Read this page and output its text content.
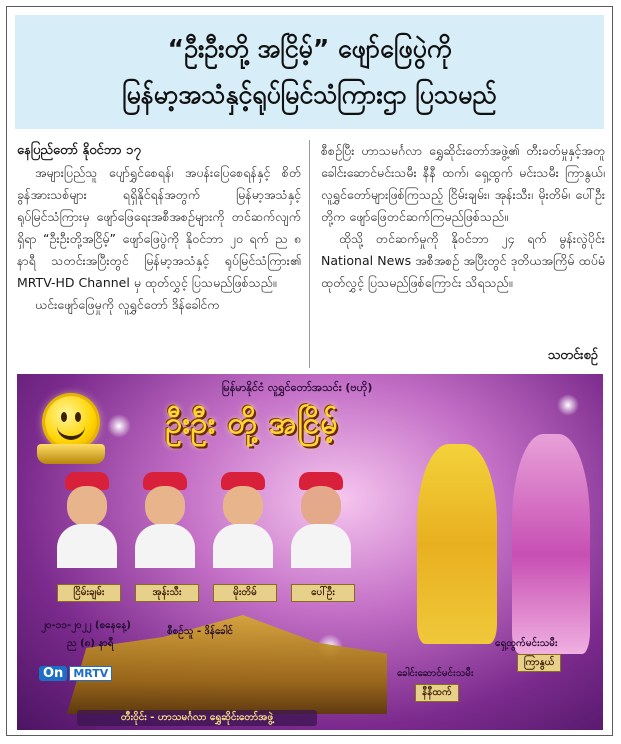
“ဦးဦးတို့ အငြိမ့်” ဖျော်ဖြေပွဲကို
မြန်မာ့အသံနှင့်ရုပ်မြင်သံကြားဌာ ပြသမည်
နေပြည်တော် နိုဝင်ဘာ ၁၇

အများပြည်သူ ပျော်ရွှင်စေရန်၊ အပန်းပြေစေရန်နှင့် စိတ်ခွန်အားသစ်များ ရရှိနိုင်ရန်အတွက် မြန်မာ့အသံနှင့် ရုပ်မြင်သံကြားမှ ဖျော်ဖြေရေးအစီအစဉ်များကို တင်ဆက်လျက်ရှိရာ “ဦးဦးတို့အငြိမ့်” ဖျော်ဖြေပွဲကို နိုဝင်ဘာ ၂၀ ရက် ည ၈ နာရီ သတင်းအပြီးတွင် မြန်မာ့အသံနှင့် ရုပ်မြင်သံကြား၏ MRTV-HD Channel မှ ထုတ်လွှင့် ပြသမည်ဖြစ်သည်။

ယင်းဖျော်ဖြေမှုကို လူရွှင်တော် ဒိန်ခေါင်က

စီစဉ်ပြီး ဟာသမင်္ဂလာ ရွှေဆိုင်းတော်အဖွဲ့၏ တီးခတ်မှုနှင့်အတူ ခေါင်းဆောင်မင်းသမီး နီနီ ထက်၊ ရှေ့ထွက် မင်းသမီး ကြာနွယ်၊ လူရွှင်တော်များဖြစ်ကြသည့် ငြိမ်းချမ်း၊ အုန်းသီး၊ မိုးတိမ်၊ ပေါ်ဦး တို့က ဖျော်ဖြေတင်ဆက်ကြမည်ဖြစ်သည်။

ထိုသို့ တင်ဆက်မှုကို နိုဝင်ဘာ ၂၄ ရက် မွန်းလွဲပိုင်း National News အစီအစဉ် အပြီးတွင် ဒုတိယအကြိမ် ထပ်မံထုတ်လွှင့် ပြသမည်ဖြစ်ကြောင်း သိရသည်။

သတင်းစဉ်
မြန်မာနိုင်ငံ လူရွှင်တော်အသင်း (ဗဟို)
ဦးဦး တို့ အငြိမ့်
ငြိမ်းချမ်း	အုန်းသီး	မိုးတိမ်	ပေါ်ဦး
၂၀-၁၁-၂၀၂၂ (စနေနေ့)
ည (၈) နာရီ
စီစဉ်သူ - ဒိန်ခေါင်
On MRTV
ရှေ့ထွက်မင်းသမီး
ကြာနွယ်
ခေါင်းဆောင်မင်းသမီး
နီနီထက်
တီးဝိုင်း - ဟာသမင်္ဂလာ ရွှေဆိုင်းတော်အဖွဲ့
